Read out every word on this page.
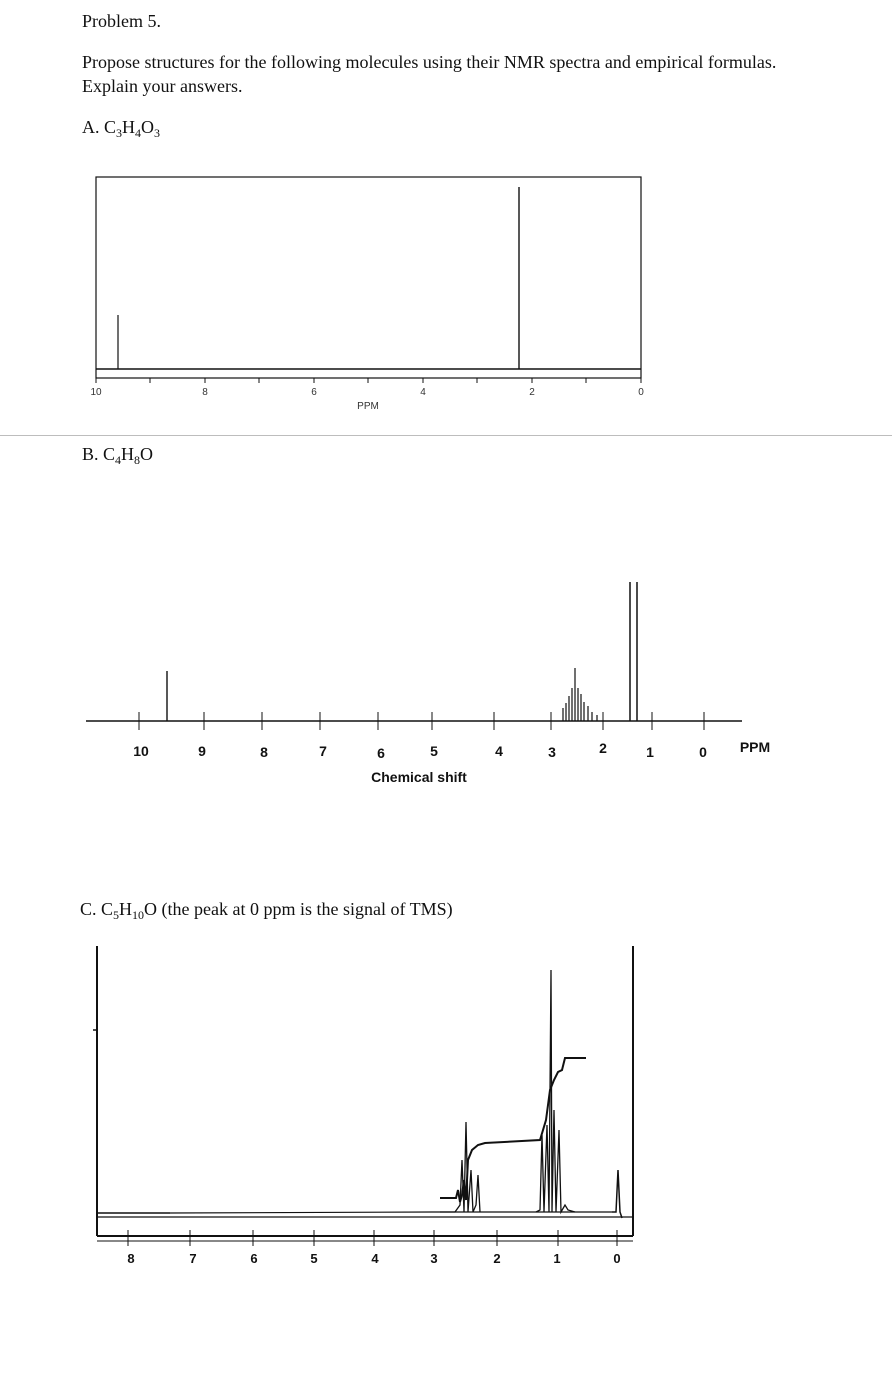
Problem 5.
Propose structures for the following molecules using their NMR spectra and empirical formulas.
Explain your answers.
A. $C_3H_4O_3$
B. $C_4H_8O$
C. $C_5H_{10}O$ (the peak at 0 ppm is the signal of TMS)
10	8	6	4	2	0
PPM
10	9	8	7	6	5	4	3	2	1	0 PPM
Chemical shift
8	7	6	5	4	3	2	1	0
